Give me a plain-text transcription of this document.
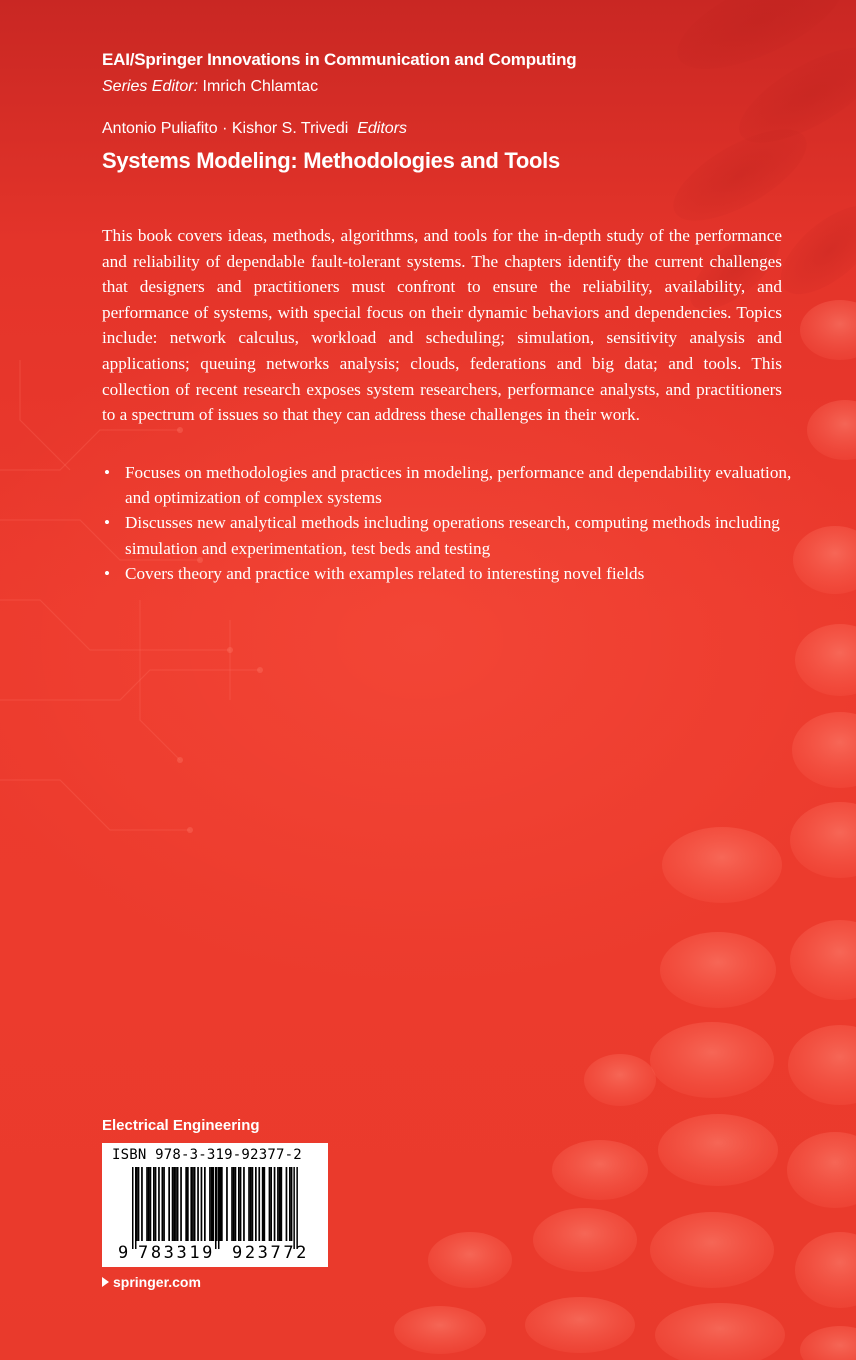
EAI/Springer Innovations in Communication and Computing
Series Editor: Imrich Chlamtac
Antonio Puliafito · Kishor S. Trivedi Editors
Systems Modeling: Methodologies and Tools

This book covers ideas, methods, algorithms, and tools for the in-depth study of the performance and reliability of dependable fault-tolerant systems. The chapters identify the current challenges that designers and practitioners must confront to ensure the reliability, availability, and performance of systems, with special focus on their dynamic behaviors and dependencies. Topics include: network calculus, workload and scheduling; simulation, sensitivity analysis and applications; queuing networks analysis; clouds, federations and big data; and tools. This collection of recent research exposes system researchers, performance analysts, and practitioners to a spectrum of issues so that they can address these challenges in their work.

• Focuses on methodologies and practices in modeling, performance and dependability evaluation, and optimization of complex systems
• Discusses new analytical methods including operations research, computing methods including simulation and experimentation, test beds and testing
• Covers theory and practice with examples related to interesting novel fields
Electrical Engineering
ISBN 978-3-319-92377-2
9 783319 923772
springer.com
